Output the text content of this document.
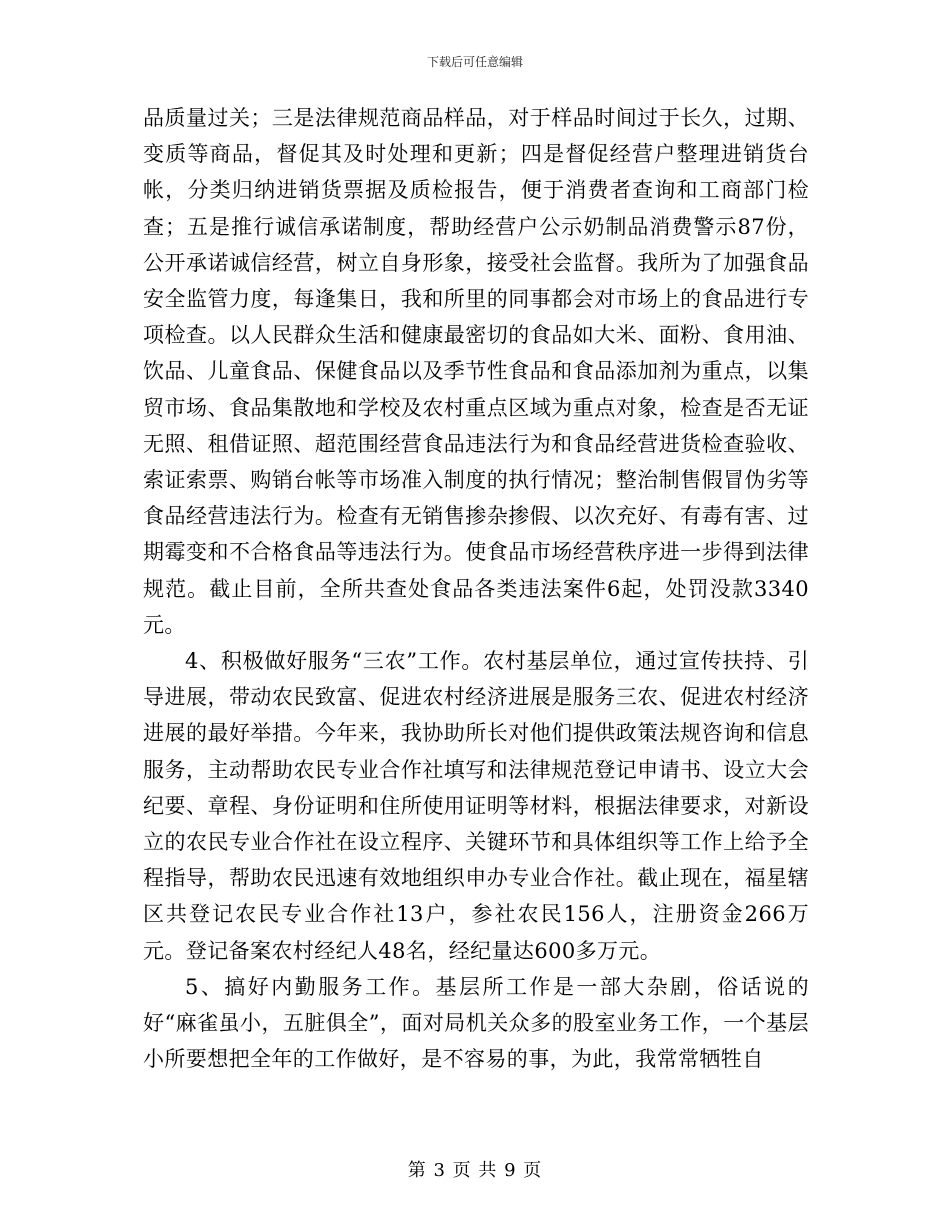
下载后可任意编辑

品质量过关；三是法律规范商品样品，对于样品时间过于长久，过期、变质等商品，督促其及时处理和更新；四是督促经营户整理进销货台帐，分类归纳进销货票据及质检报告，便于消费者查询和工商部门检查；五是推行诚信承诺制度，帮助经营户公示奶制品消费警示87份，公开承诺诚信经营，树立自身形象，接受社会监督。我所为了加强食品安全监管力度，每逢集日，我和所里的同事都会对市场上的食品进行专项检查。以人民群众生活和健康最密切的食品如大米、面粉、食用油、饮品、儿童食品、保健食品以及季节性食品和食品添加剂为重点，以集贸市场、食品集散地和学校及农村重点区域为重点对象，检查是否无证无照、租借证照、超范围经营食品违法行为和食品经营进货检查验收、索证索票、购销台帐等市场准入制度的执行情况；整治制售假冒伪劣等食品经营违法行为。检查有无销售掺杂掺假、以次充好、有毒有害、过期霉变和不合格食品等违法行为。使食品市场经营秩序进一步得到法律规范。截止目前，全所共查处食品各类违法案件6起，处罚没款3340元。

4、积极做好服务“三农”工作。农村基层单位，通过宣传扶持、引导进展，带动农民致富、促进农村经济进展是服务三农、促进农村经济进展的最好举措。今年来，我协助所长对他们提供政策法规咨询和信息服务，主动帮助农民专业合作社填写和法律规范登记申请书、设立大会纪要、章程、身份证明和住所使用证明等材料，根据法律要求，对新设立的农民专业合作社在设立程序、关键环节和具体组织等工作上给予全程指导，帮助农民迅速有效地组织申办专业合作社。截止现在，福星辖区共登记农民专业合作社13户，参社农民156人，注册资金266万元。登记备案农村经纪人48名，经纪量达600多万元。

5、搞好内勤服务工作。基层所工作是一部大杂剧，俗话说的好“麻雀虽小，五脏俱全”，面对局机关众多的股室业务工作，一个基层小所要想把全年的工作做好，是不容易的事，为此，我常常牺牲自

第 3 页 共 9 页
